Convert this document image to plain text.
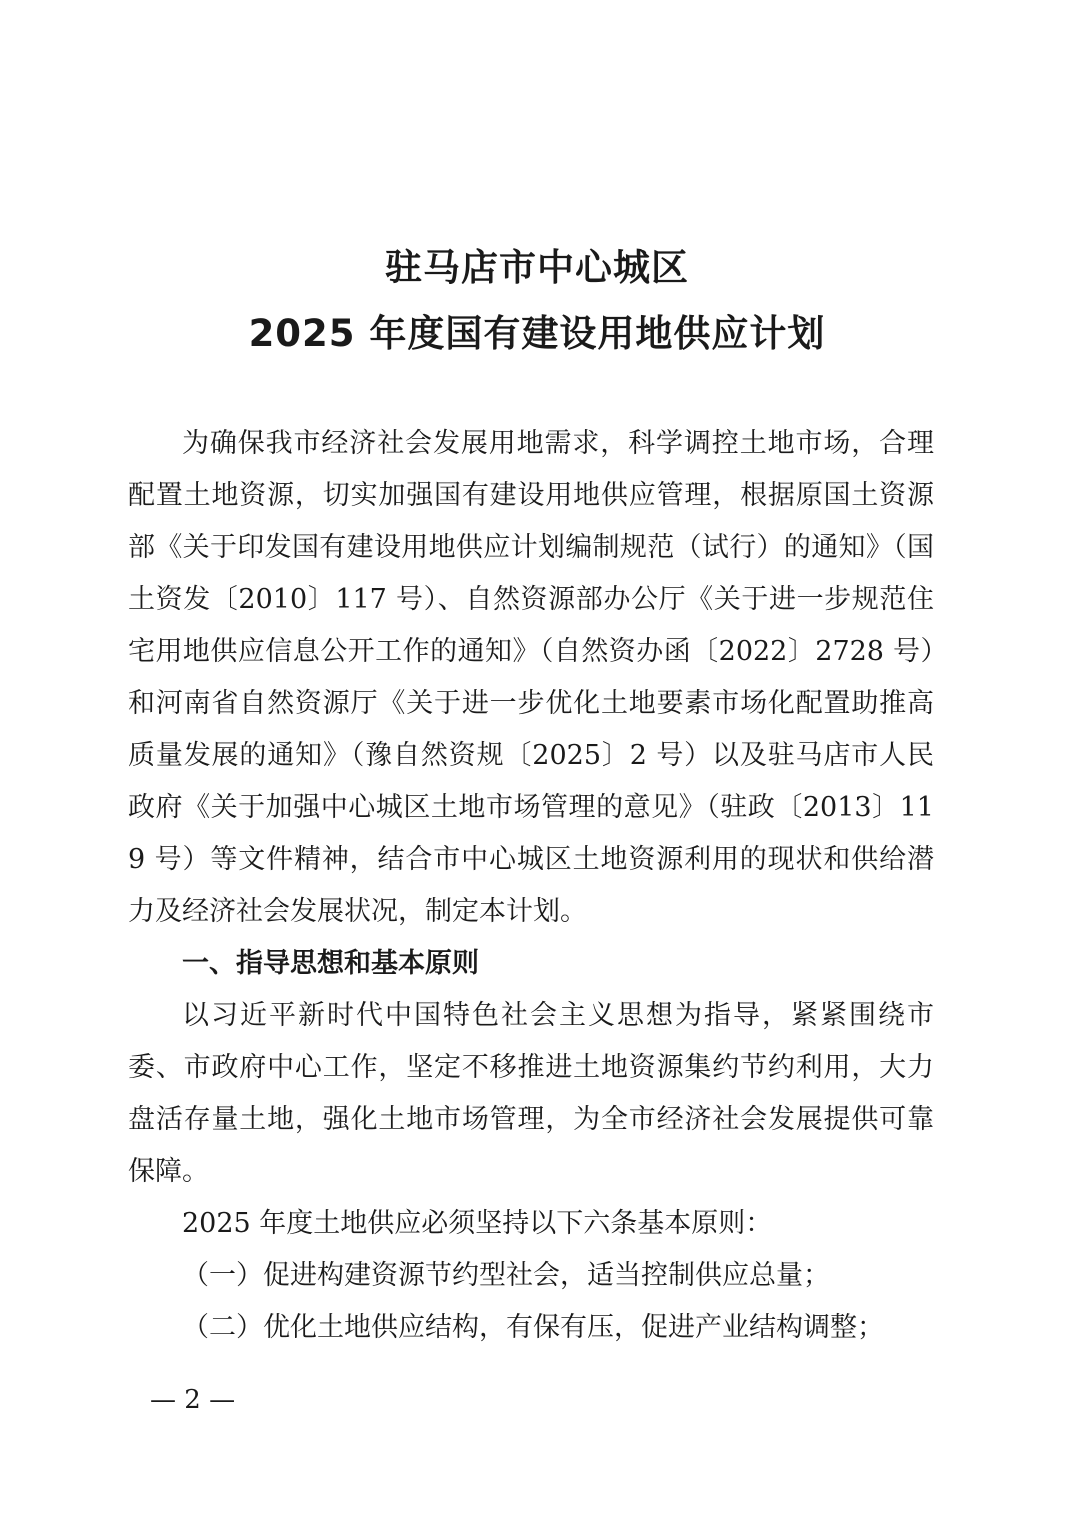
驻马店市中心城区
2025 年度国有建设用地供应计划

为确保我市经济社会发展用地需求，科学调控土地市场，合理配置土地资源，切实加强国有建设用地供应管理，根据原国土资源部《关于印发国有建设用地供应计划编制规范（试行）的通知》（国土资发〔2010〕117 号）、自然资源部办公厅《关于进一步规范住宅用地供应信息公开工作的通知》（自然资办函〔2022〕2728 号）和河南省自然资源厅《关于进一步优化土地要素市场化配置助推高质量发展的通知》（豫自然资规〔2025〕2 号）以及驻马店市人民政府《关于加强中心城区土地市场管理的意见》（驻政〔2013〕119 号）等文件精神，结合市中心城区土地资源利用的现状和供给潜力及经济社会发展状况，制定本计划。

一、指导思想和基本原则

以习近平新时代中国特色社会主义思想为指导，紧紧围绕市委、市政府中心工作，坚定不移推进土地资源集约节约利用，大力盘活存量土地，强化土地市场管理，为全市经济社会发展提供可靠保障。

2025 年度土地供应必须坚持以下六条基本原则：

（一）促进构建资源节约型社会，适当控制供应总量；

（二）优化土地供应结构，有保有压，促进产业结构调整；

— 2 —
